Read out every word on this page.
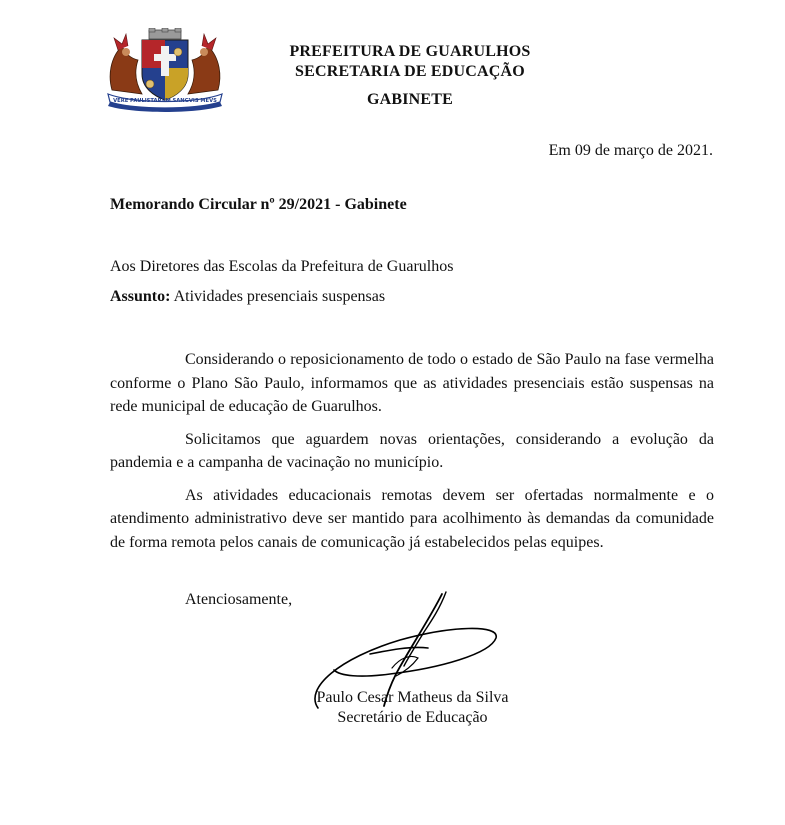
VERE PAULISTARVM SANGVIS MEVS
PREFEITURA DE GUARULHOS
SECRETARIA DE EDUCAÇÃO
GABINETE
Em 09 de março de 2021.
Memorando Circular nº 29/2021 - Gabinete
Aos Diretores das Escolas da Prefeitura de Guarulhos
Assunto: Atividades presenciais suspensas

Considerando o reposicionamento de todo o estado de São Paulo na fase vermelha conforme o Plano São Paulo, informamos que as atividades presenciais estão suspensas na rede municipal de educação de Guarulhos.

Solicitamos que aguardem novas orientações, considerando a evolução da pandemia e a campanha de vacinação no município.

As atividades educacionais remotas devem ser ofertadas normalmente e o atendimento administrativo deve ser mantido para acolhimento às demandas da comunidade de forma remota pelos canais de comunicação já estabelecidos pelas equipes.

Atenciosamente,
Paulo Cesar Matheus da Silva
Secretário de Educação
